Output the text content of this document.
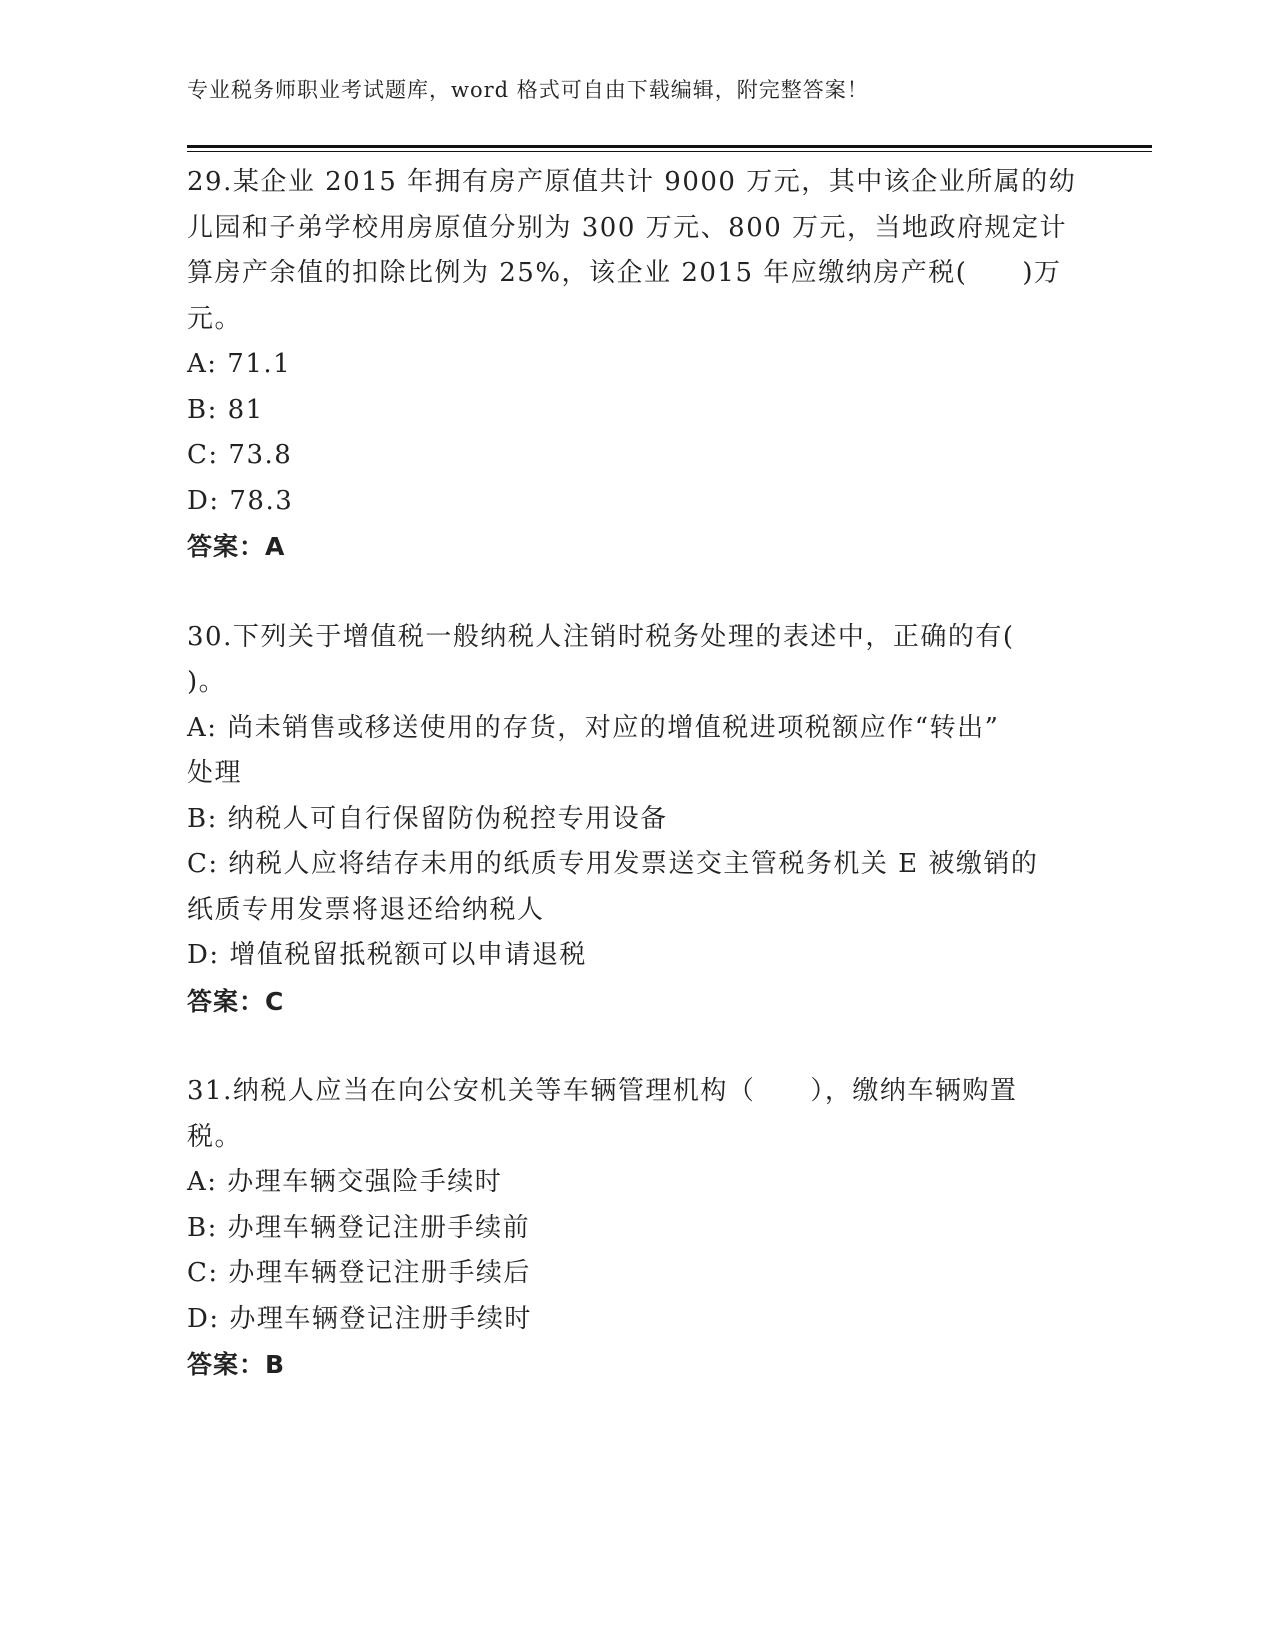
专业税务师职业考试题库，word 格式可自由下载编辑，附完整答案！
29.某企业 2015 年拥有房产原值共计 9000 万元，其中该企业所属的幼
儿园和子弟学校用房原值分别为 300 万元、800 万元，当地政府规定计
算房产余值的扣除比例为 25%，该企业 2015 年应缴纳房产税(　　)万
元。
A: 71.1
B: 81
C: 73.8
D: 78.3
答案：A
30.下列关于增值税一般纳税人注销时税务处理的表述中，正确的有(
)。
A: 尚未销售或移送使用的存货，对应的增值税进项税额应作“转出”
处理
B: 纳税人可自行保留防伪税控专用设备
C: 纳税人应将结存未用的纸质专用发票送交主管税务机关 E 被缴销的
纸质专用发票将退还给纳税人
D: 增值税留抵税额可以申请退税
答案：C
31.纳税人应当在向公安机关等车辆管理机构（　　），缴纳车辆购置
税。
A: 办理车辆交强险手续时
B: 办理车辆登记注册手续前
C: 办理车辆登记注册手续后
D: 办理车辆登记注册手续时
答案：B
